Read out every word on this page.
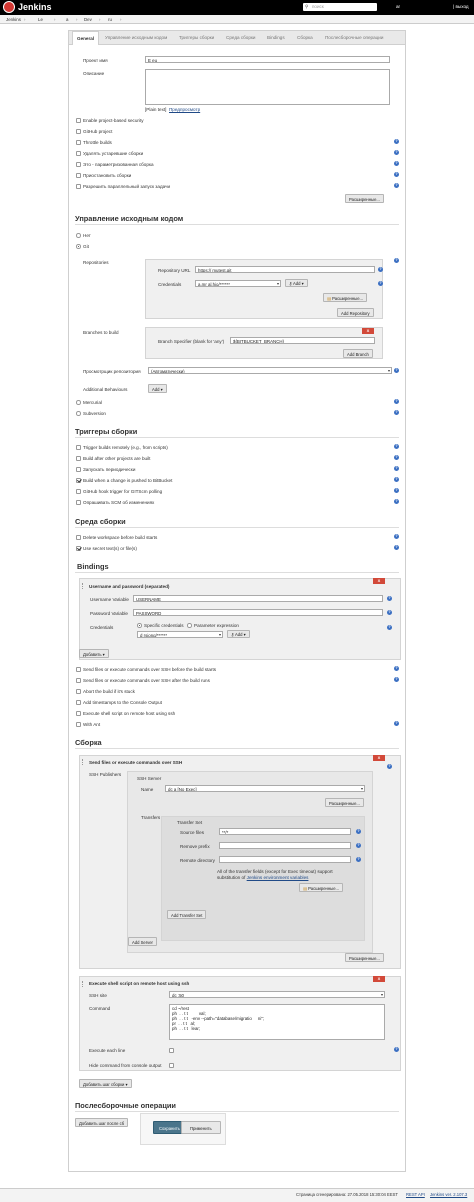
Jenkins	⚲ поиск	ar	| выход
Jenkins ›	Le	› a › Dev › ru ›
General	Управление исходным кодом	Триггеры сборки	Среда сборки	Bindings	Сборка	Послесборочные операции
Проект имя	E eu
Описание
[Plain text] Предпросмотр
Enable project-based security
GitHub project
Throttle builds	?
Удалять устаревшие сборки	?
Это - параметризованная сборка	?
Приостановить сборки	?
Разрешить параллельный запуск задачи	?
Расширенные...
Управление исходным кодом
Нет
Git
Repositories	?
Repository URL	https:// mutest.git	?
Credentials	a.mr al.hio/******	▾	⚷ Add ▾	?
▤ Расширенные...
Add Repository
Branches to build	X
Branch Specifier (blank for 'any')	${BITBUCKET_BRANCH}
Add Branch
Просмотрщик репозитория	(Автоматически)	▾	?
Additional Behaviours	Add ▾
Mercurial	?
Subversion	?
Триггеры сборки
Trigger builds remotely (e.g., from scripts)	?
Build after other projects are built	?
Запускать периодически	?
Build when a change is pushed to BitBucket	?
GitHub hook trigger for GITScm polling	?
Опрашивать SCM об изменениях	?
Среда сборки
Delete workspace before build starts	?
Use secret text(s) or file(s)	?
Bindings
Username and password (separated)
X
Username Variable	USERNAME	?
Password Variable	PASSWORD	?
Credentials	Specific credentials Parameter expression
d rsiong/******	▾	⚷ Add ▾
?
Добавить ▾
Send files or execute commands over SSH before the build starts	?
Send files or execute commands over SSH after the build runs	?
Abort the build if it's stuck
Add timestamps to the Console Output
Execute shell script on remote host using ssh
With Ant	?
Сборка
Send files or execute commands over SSH
X
?
SSH Publishers
SSH Server
Name	dc a [No Exec]	▾
Расширенные...
Transfers
Transfer Set
Source files	**/*	?
Remove prefix	?
Remote directory	?
All of the transfer fields (except for Exec timeout) support substitution of Jenkins environment variables
▤ Расширенные...
Add Transfer Set
Add Server
Расширенные...
Execute shell script on remote host using ssh
X
SSH site	dc :50	▾
Command	cd ~/rest
ph  . . t t         val;
ph  . . t t   -env --path="database/migratio     ni";
pr  . . t t   al;
ph  . . t t   lear;
?
Execute each line
Hide command from console output
Добавить шаг сборки ▾
Послесборочные операции
Добавить шаг после сб
Сохранить	Применить
Страница сгенерирована: 27.05.2018 15:30:04 EEST REST API Jenkins ver. 2.107.3
